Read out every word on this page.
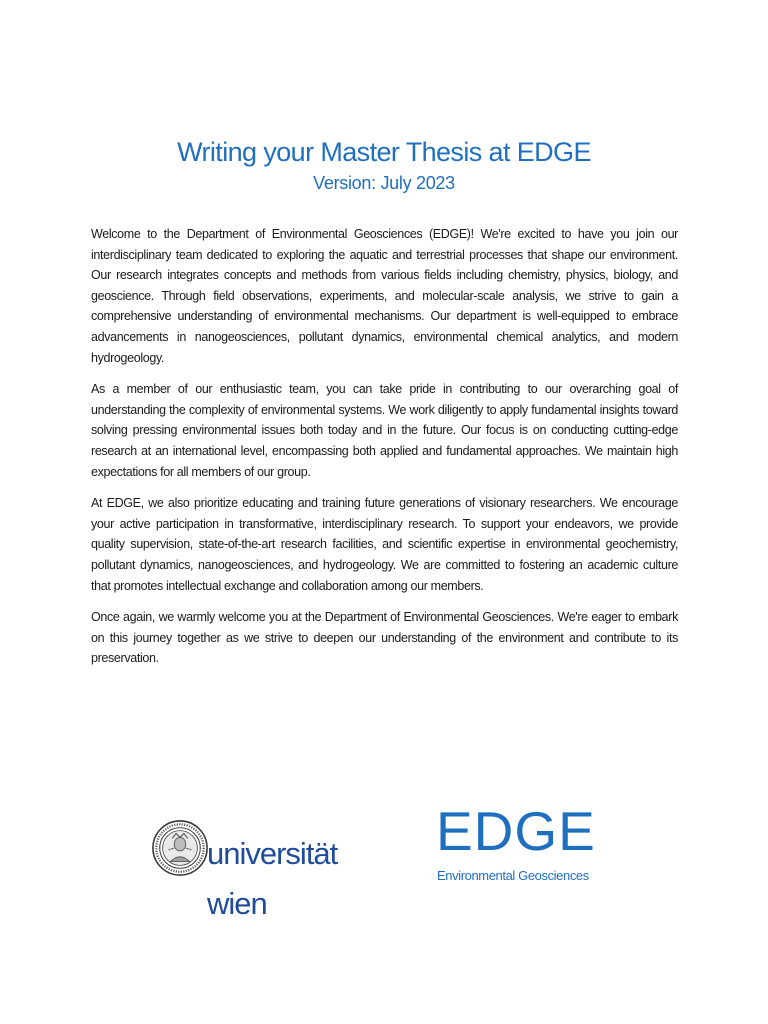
Writing your Master Thesis at EDGE
Version: July 2023

Welcome to the Department of Environmental Geosciences (EDGE)! We're excited to have you join our interdisciplinary team dedicated to exploring the aquatic and terrestrial processes that shape our environment. Our research integrates concepts and methods from various fields including chemistry, physics, biology, and geoscience. Through field observations, experiments, and molecular-scale analysis, we strive to gain a comprehensive understanding of environmental mechanisms. Our department is well-equipped to embrace advancements in nanogeosciences, pollutant dynamics, environmental chemical analytics, and modern hydrogeology.

As a member of our enthusiastic team, you can take pride in contributing to our overarching goal of understanding the complexity of environmental systems. We work diligently to apply fundamental insights toward solving pressing environmental issues both today and in the future. Our focus is on conducting cutting-edge research at an international level, encompassing both applied and fundamental approaches. We maintain high expectations for all members of our group.

At EDGE, we also prioritize educating and training future generations of visionary researchers. We encourage your active participation in transformative, interdisciplinary research. To support your endeavors, we provide quality supervision, state-of-the-art research facilities, and scientific expertise in environmental geochemistry, pollutant dynamics, nanogeosciences, and hydrogeology. We are committed to fostering an academic culture that promotes intellectual exchange and collaboration among our members.

Once again, we warmly welcome you at the Department of Environmental Geosciences. We're eager to embark on this journey together as we strive to deepen our understanding of the environment and contribute to its preservation.

universität

wien

EDGE
Environmental Geosciences
